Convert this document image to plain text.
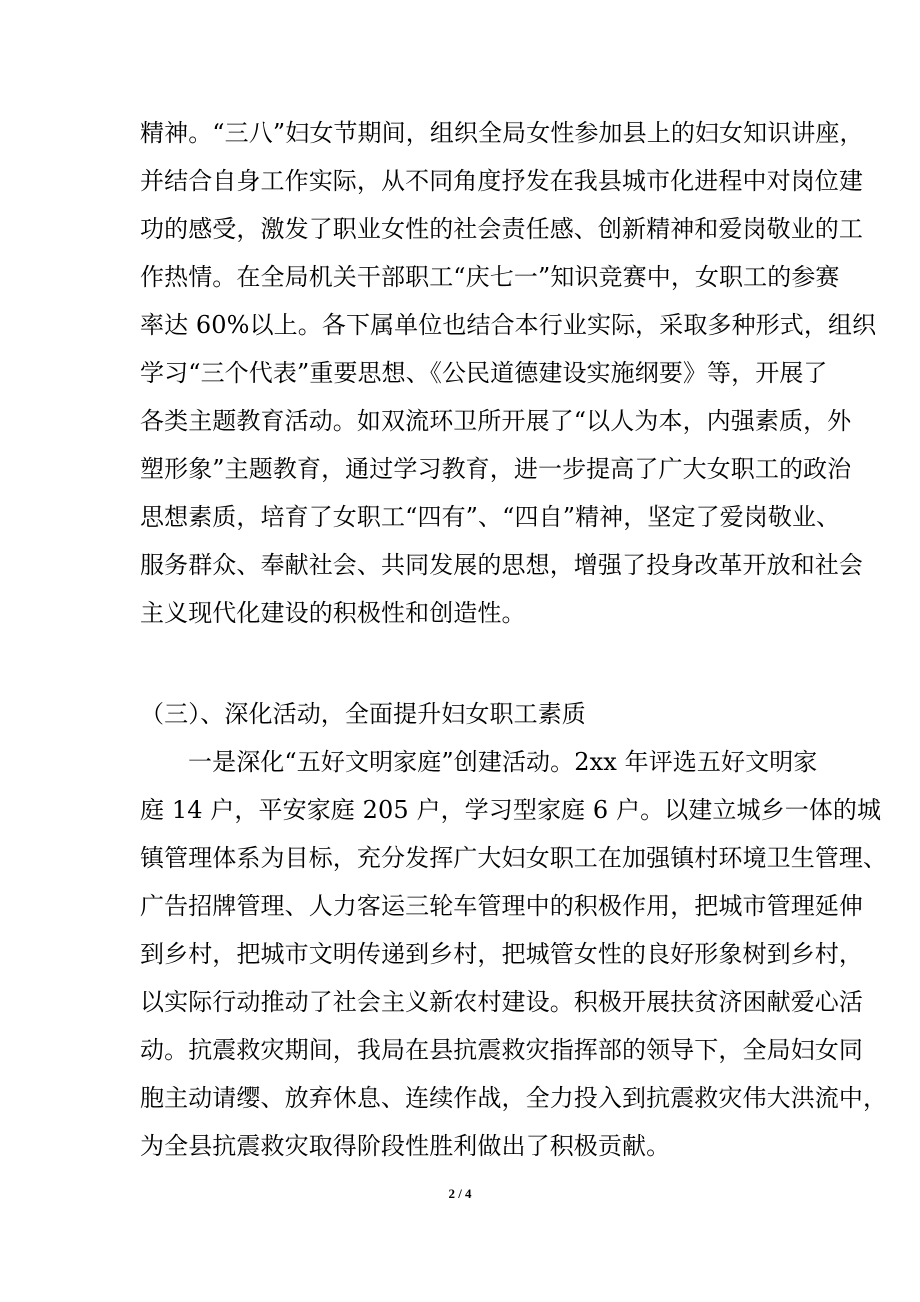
精神。“三八”妇女节期间，组织全局女性参加县上的妇女知识讲座，
并结合自身工作实际，从不同角度抒发在我县城市化进程中对岗位建
功的感受，激发了职业女性的社会责任感、创新精神和爱岗敬业的工
作热情。在全局机关干部职工“庆七一”知识竞赛中，女职工的参赛
率达 60%以上。各下属单位也结合本行业实际，采取多种形式，组织
学习“三个代表”重要思想、《公民道德建设实施纲要》等，开展了
各类主题教育活动。如双流环卫所开展了“以人为本，内强素质，外
塑形象”主题教育，通过学习教育，进一步提高了广大女职工的政治
思想素质，培育了女职工“四有”、“四自”精神，坚定了爱岗敬业、
服务群众、奉献社会、共同发展的思想，增强了投身改革开放和社会
主义现代化建设的积极性和创造性。
（三）、深化活动，全面提升妇女职工素质
一是深化“五好文明家庭”创建活动。2xx 年评选五好文明家
庭 14 户，平安家庭 205 户，学习型家庭 6 户。以建立城乡一体的城
镇管理体系为目标，充分发挥广大妇女职工在加强镇村环境卫生管理、
广告招牌管理、人力客运三轮车管理中的积极作用，把城市管理延伸
到乡村，把城市文明传递到乡村，把城管女性的良好形象树到乡村，
以实际行动推动了社会主义新农村建设。积极开展扶贫济困献爱心活
动。抗震救灾期间，我局在县抗震救灾指挥部的领导下，全局妇女同
胞主动请缨、放弃休息、连续作战，全力投入到抗震救灾伟大洪流中，
为全县抗震救灾取得阶段性胜利做出了积极贡献。
2 / 4
